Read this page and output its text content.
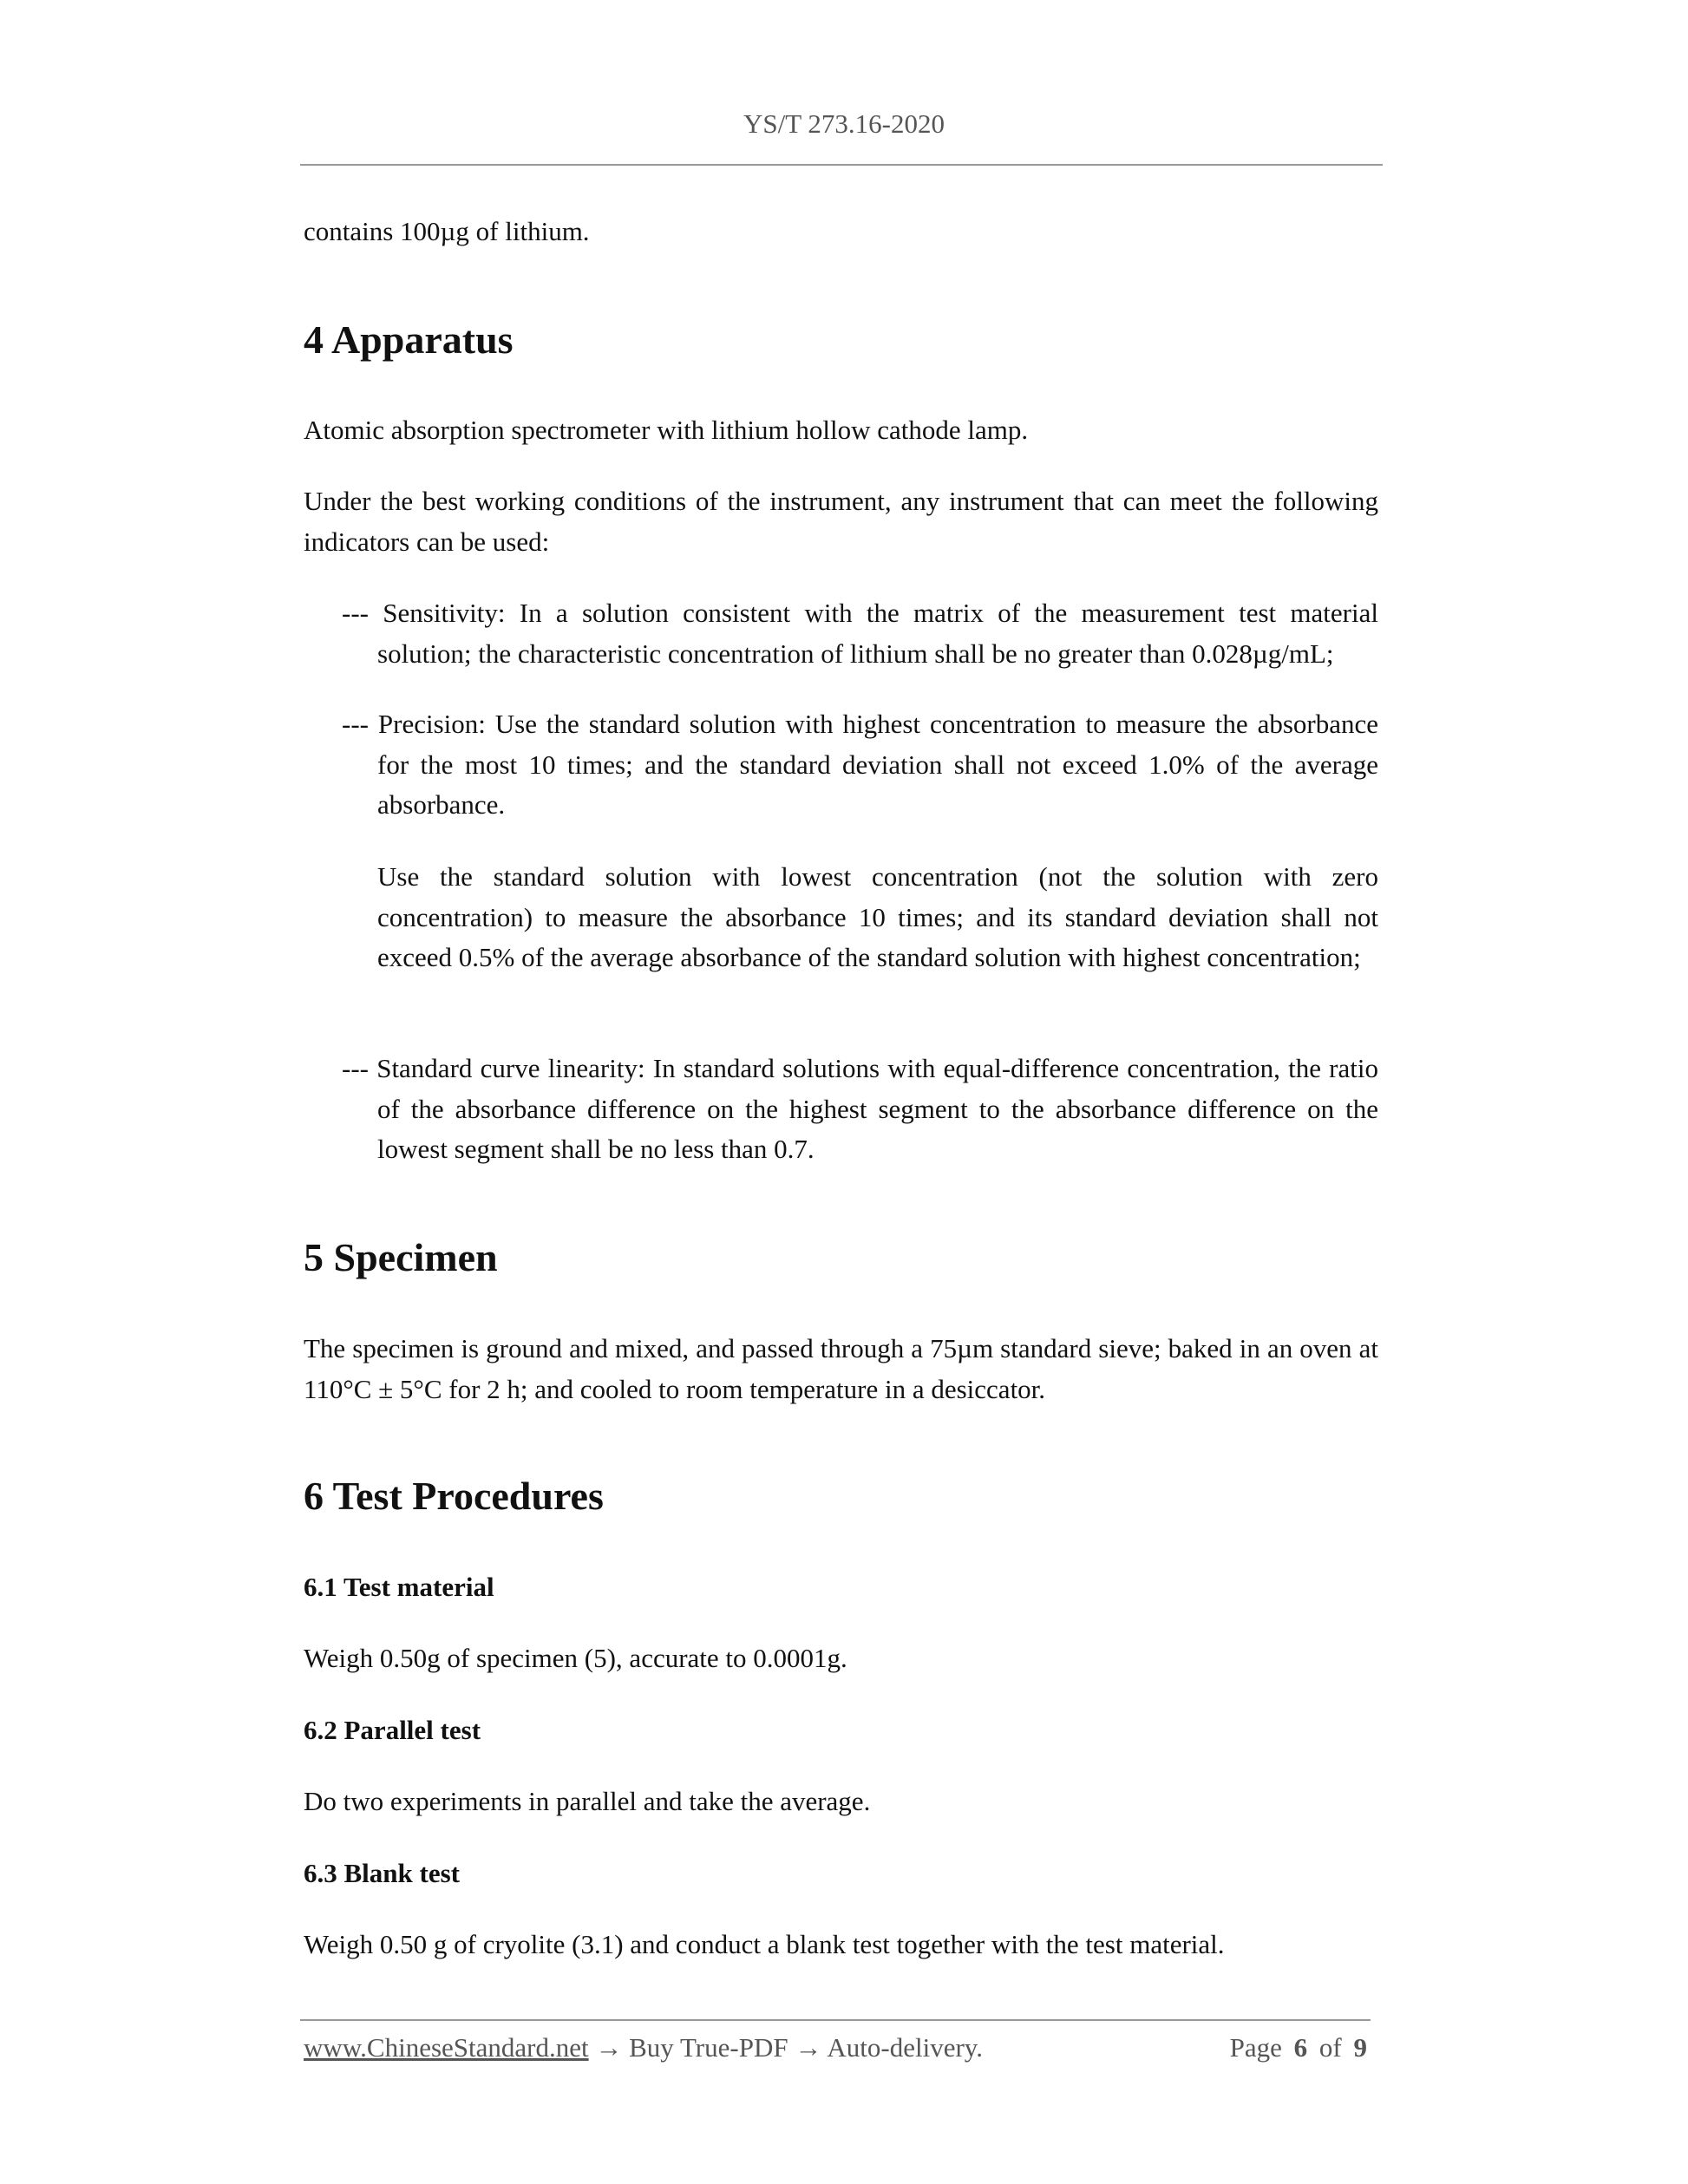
YS/T 273.16-2020
contains 100µg of lithium.
4 Apparatus
Atomic absorption spectrometer with lithium hollow cathode lamp.
Under the best working conditions of the instrument, any instrument that can meet the following indicators can be used:
--- Sensitivity: In a solution consistent with the matrix of the measurement test material solution; the characteristic concentration of lithium shall be no greater than 0.028µg/mL;
--- Precision: Use the standard solution with highest concentration to measure the absorbance for the most 10 times; and the standard deviation shall not exceed 1.0% of the average absorbance.
Use the standard solution with lowest concentration (not the solution with zero concentration) to measure the absorbance 10 times; and its standard deviation shall not exceed 0.5% of the average absorbance of the standard solution with highest concentration;
--- Standard curve linearity: In standard solutions with equal-difference concentration, the ratio of the absorbance difference on the highest segment to the absorbance difference on the lowest segment shall be no less than 0.7.
5 Specimen
The specimen is ground and mixed, and passed through a 75µm standard sieve; baked in an oven at 110°C ± 5°C for 2 h; and cooled to room temperature in a desiccator.
6 Test Procedures
6.1 Test material
Weigh 0.50g of specimen (5), accurate to 0.0001g.
6.2 Parallel test
Do two experiments in parallel and take the average.
6.3 Blank test
Weigh 0.50 g of cryolite (3.1) and conduct a blank test together with the test material.
www.ChineseStandard.net → Buy True-PDF → Auto-delivery.	Page 6 of 9
